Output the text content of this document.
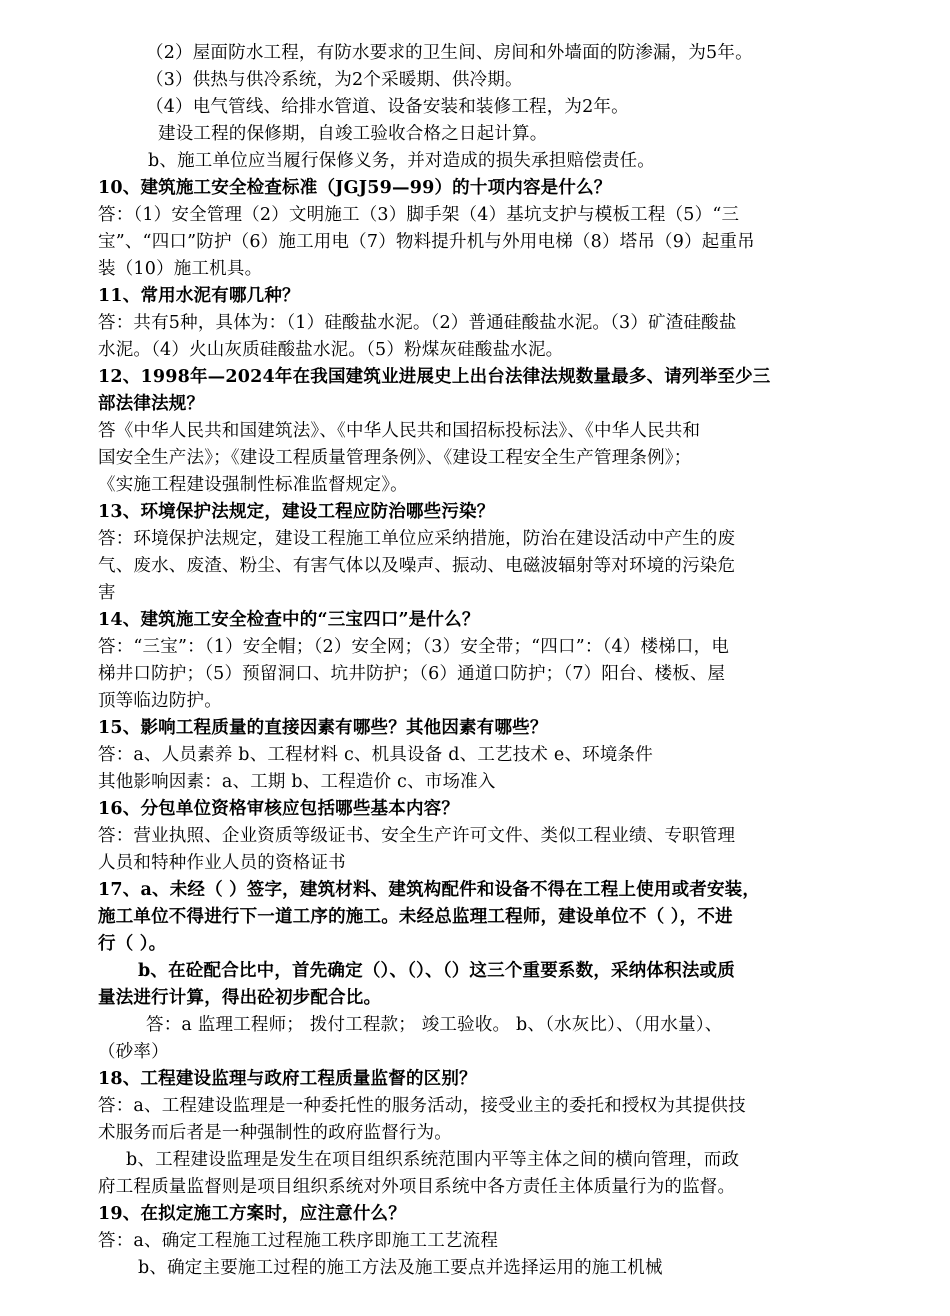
（2）屋面防水工程，有防水要求的卫生间、房间和外墙面的防渗漏，为5年。
（3）供热与供冷系统，为2个采暖期、供冷期。
（4）电气管线、给排水管道、设备安装和装修工程，为2年。
建设工程的保修期，自竣工验收合格之日起计算。
b、施工单位应当履行保修义务，并对造成的损失承担赔偿责任。
10、建筑施工安全检查标准（JGJ59—99）的十项内容是什么？
答：（1）安全管理（2）文明施工（3）脚手架（4）基坑支护与模板工程（5）“三
宝”、“四口”防护（6）施工用电（7）物料提升机与外用电梯（8）塔吊（9）起重吊
装（10）施工机具。
11、常用水泥有哪几种？
答：共有5种，具体为：（1）硅酸盐水泥。（2）普通硅酸盐水泥。（3）矿渣硅酸盐
水泥。（4）火山灰质硅酸盐水泥。（5）粉煤灰硅酸盐水泥。
12、1998年—2024年在我国建筑业进展史上出台法律法规数量最多、请列举至少三
部法律法规？
答《中华人民共和国建筑法》、《中华人民共和国招标投标法》、《中华人民共和
国安全生产法》；《建设工程质量管理条例》、《建设工程安全生产管理条例》；
《实施工程建设强制性标准监督规定》。
13、环境保护法规定，建设工程应防治哪些污染？
答：环境保护法规定，建设工程施工单位应采纳措施，防治在建设活动中产生的废
气、废水、废渣、粉尘、有害气体以及噪声、振动、电磁波辐射等对环境的污染危
害
14、建筑施工安全检查中的“三宝四口”是什么？
答：“三宝”：（1）安全帽；（2）安全网；（3）安全带；“四口”：（4）楼梯口，电
梯井口防护；（5）预留洞口、坑井防护；（6）通道口防护；（7）阳台、楼板、屋
顶等临边防护。
15、影响工程质量的直接因素有哪些？其他因素有哪些？
答：a、人员素养 b、工程材料 c、机具设备 d、工艺技术 e、环境条件
其他影响因素：a、工期 b、工程造价 c、市场准入
16、分包单位资格审核应包括哪些基本内容？
答：营业执照、企业资质等级证书、安全生产许可文件、类似工程业绩、专职管理
人员和特种作业人员的资格证书
17、a、未经（ ）签字，建筑材料、建筑构配件和设备不得在工程上使用或者安装，
施工单位不得进行下一道工序的施工。未经总监理工程师，建设单位不（ ），不进
行（ ）。
b、在砼配合比中，首先确定（）、（）、（）这三个重要系数，采纳体积法或质
量法进行计算，得出砼初步配合比。
答：a 监理工程师； 拨付工程款； 竣工验收。 b、（水灰比）、（用水量）、
（砂率）
18、工程建设监理与政府工程质量监督的区别？
答：a、工程建设监理是一种委托性的服务活动，接受业主的委托和授权为其提供技
术服务而后者是一种强制性的政府监督行为。
b、工程建设监理是发生在项目组织系统范围内平等主体之间的横向管理，而政
府工程质量监督则是项目组织系统对外项目系统中各方责任主体质量行为的监督。
19、在拟定施工方案时，应注意什么？
答：a、确定工程施工过程施工秩序即施工工艺流程
b、确定主要施工过程的施工方法及施工要点并选择运用的施工机械
